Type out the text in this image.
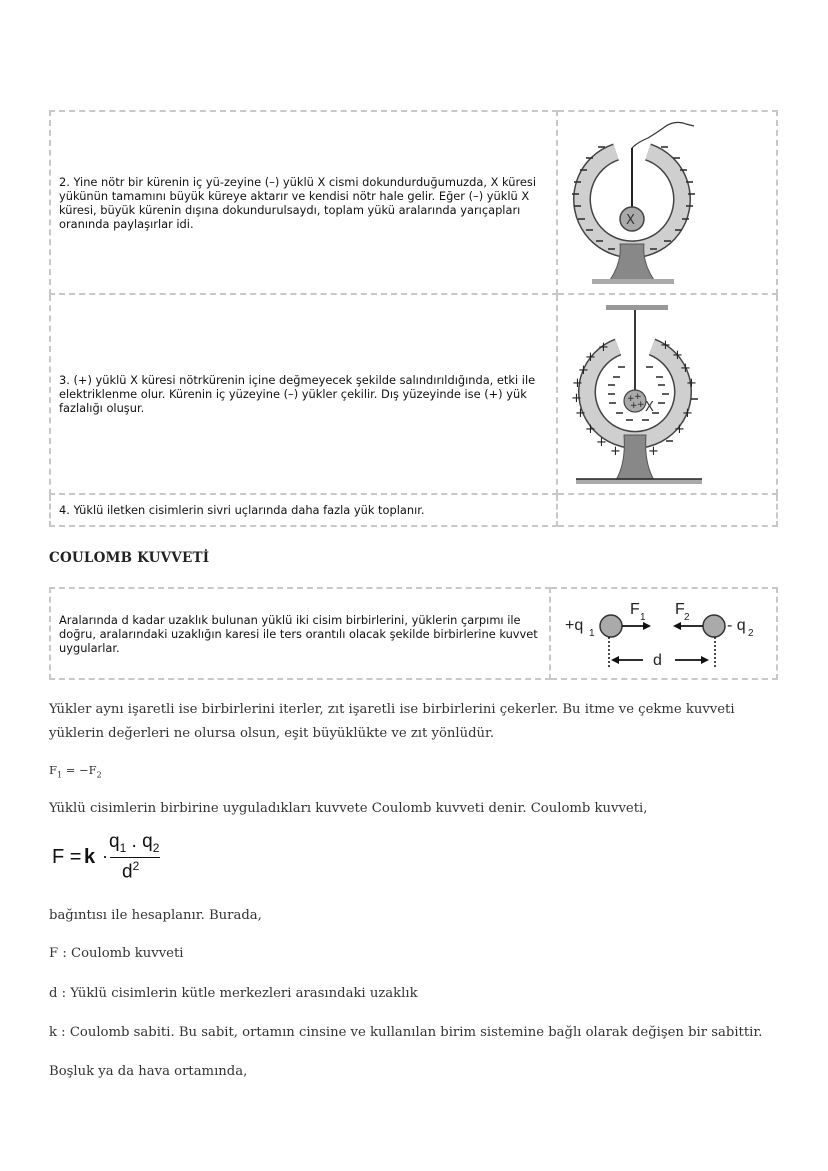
2. Yine nötr bir kürenin iç yü-zeyine (–) yüklü X cismi dokundurduğumuzda, X küresi yükünün tamamını büyük küreye aktarır ve kendisi nötr hale gelir. Eğer (–) yüklü X küresi, büyük kürenin dışına dokundurulsaydı, toplam yükü aralarında yarıçapları oranında paylaşırlar idi.	X

3. (+) yüklü X küresi nötrkürenin içine değmeyecek şekilde salındırıldığında, etki ile elektriklenme olur. Kürenin iç yüzeyine (–) yükler çekilir. Dış yüzeyinde ise (+) yük fazlalığı oluşur.	X
+ +
+ +
+
+
+
+
+
+
+
+
+
+
+
+
+
+
+
+

4. Yüklü iletken cisimlerin sivri uçlarında daha fazla yük toplanır.	
COULOMB KUVVETİ
Aralarında d kadar uzaklık bulunan yüklü iki cisim birbirlerini, yüklerin çarpımı ile doğru, aralarındaki uzaklığın karesi ile ters orantılı olacak şekilde birbirlerine kuvvet uygularlar.	
+q 1
F 1 F 2 - q 2
d
Yükler aynı işaretli ise birbirlerini iterler, zıt işaretli ise birbirlerini çekerler. Bu itme ve çekme kuvveti yüklerin değerleri ne olursa olsun, eşit büyüklükte ve zıt yönlüdür.
$F_1 = -F_2$
Yüklü cisimlerin birbirine uyguladıkları kuvvete Coulomb kuvveti denir. Coulomb kuvveti,
F = k ·
$q_1$ . $q_2$
$d^2$
bağıntısı ile hesaplanır. Burada,
F : Coulomb kuvveti
d : Yüklü cisimlerin kütle merkezleri arasındaki uzaklık
k : Coulomb sabiti. Bu sabit, ortamın cinsine ve kullanılan birim sistemine bağlı olarak değişen bir sabittir.
Boşluk ya da hava ortamında,
